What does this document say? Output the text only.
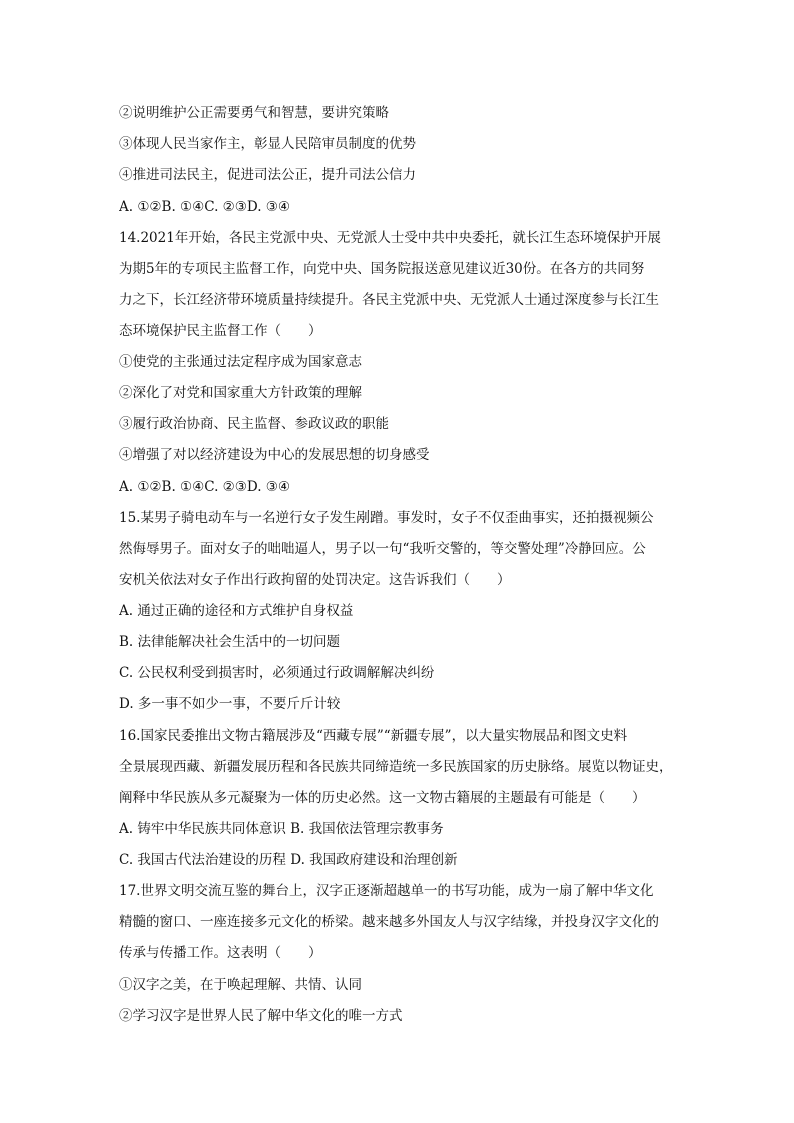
②说明维护公正需要勇气和智慧，要讲究策略
③体现人民当家作主，彰显人民陪审员制度的优势
④推进司法民主，促进司法公正，提升司法公信力
A. ①②B. ①④C. ②③D. ③④
14.2021年开始，各民主党派中央、无党派人士受中共中央委托，就长江生态环境保护开展
为期5年的专项民主监督工作，向党中央、国务院报送意见建议近30份。在各方的共同努
力之下，长江经济带环境质量持续提升。各民主党派中央、无党派人士通过深度参与长江生
态环境保护民主监督工作（　　）
①使党的主张通过法定程序成为国家意志
②深化了对党和国家重大方针政策的理解
③履行政治协商、民主监督、参政议政的职能
④增强了对以经济建设为中心的发展思想的切身感受
A. ①②B. ①④C. ②③D. ③④
15.某男子骑电动车与一名逆行女子发生剐蹭。事发时，女子不仅歪曲事实，还拍摄视频公
然侮辱男子。面对女子的咄咄逼人，男子以一句“我听交警的，等交警处理”冷静回应。公
安机关依法对女子作出行政拘留的处罚决定。这告诉我们（　　）
A. 通过正确的途径和方式维护自身权益
B. 法律能解决社会生活中的一切问题
C. 公民权利受到损害时，必须通过行政调解解决纠纷
D. 多一事不如少一事，不要斤斤计较
16.国家民委推出文物古籍展涉及“西藏专展”“新疆专展”，以大量实物展品和图文史料
全景展现西藏、新疆发展历程和各民族共同缔造统一多民族国家的历史脉络。展览以物证史，
阐释中华民族从多元凝聚为一体的历史必然。这一文物古籍展的主题最有可能是（　　）
A. 铸牢中华民族共同体意识 B. 我国依法管理宗教事务
C. 我国古代法治建设的历程 D. 我国政府建设和治理创新
17.世界文明交流互鉴的舞台上，汉字正逐渐超越单一的书写功能，成为一扇了解中华文化
精髓的窗口、一座连接多元文化的桥梁。越来越多外国友人与汉字结缘，并投身汉字文化的
传承与传播工作。这表明（　　）
①汉字之美，在于唤起理解、共情、认同
②学习汉字是世界人民了解中华文化的唯一方式
